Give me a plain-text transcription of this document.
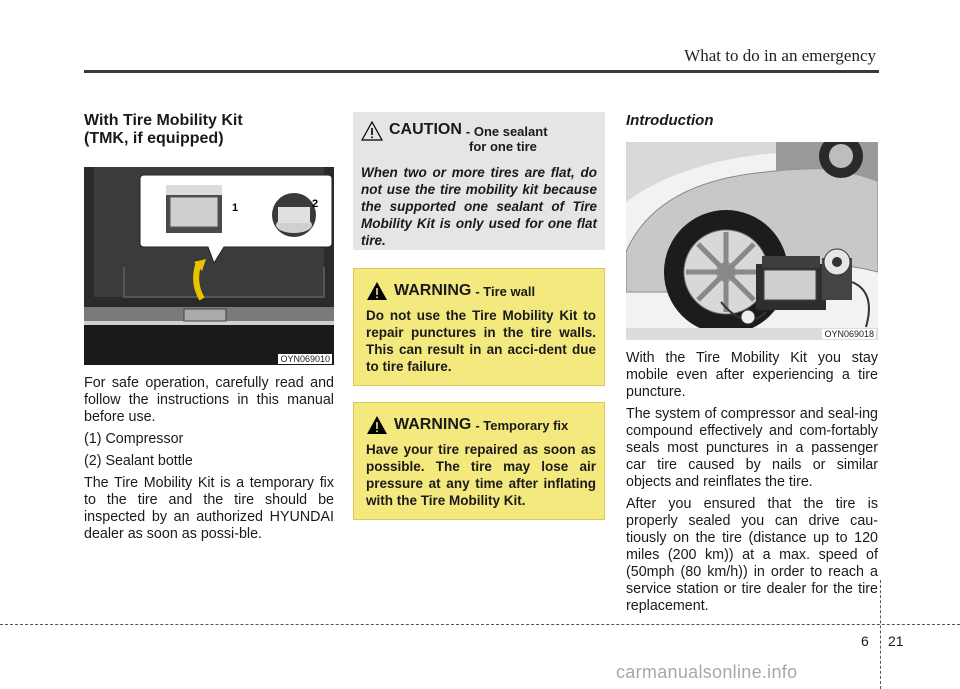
What to do in an emergency
With Tire Mobility Kit
(TMK, if equipped)
1	2
OYN069010

For safe operation, carefully read and follow the instructions in this manual before use.

(1) Compressor

(2) Sealant bottle

The Tire Mobility Kit is a temporary fix to the tire and the tire should be inspected by an authorized HYUNDAI dealer as soon as possi-ble.

CAUTION - One sealant
for one tire
When two or more tires are flat, do not use the tire mobility kit because the supported one sealant of Tire Mobility Kit is only used for one flat tire.
WARNING - Tire wall
Do not use the Tire Mobility Kit to repair punctures in the tire walls. This can result in an acci-dent due to tire failure.
WARNING - Temporary fix
Have your tire repaired as soon as possible. The tire may lose air pressure at any time after inflating with the Tire Mobility Kit.
Introduction
OYN069018

With the Tire Mobility Kit you stay mobile even after experiencing a tire puncture.

The system of compressor and seal-ing compound effectively and com-fortably seals most punctures in a passenger car tire caused by nails or similar objects and reinflates the tire.

After you ensured that the tire is properly sealed you can drive cau-tiously on the tire (distance up to 120 miles (200 km)) at a max. speed of (50mph (80 km/h)) in order to reach a service station or tire dealer for the tire replacement.

6 21
carmanualsonline.info
